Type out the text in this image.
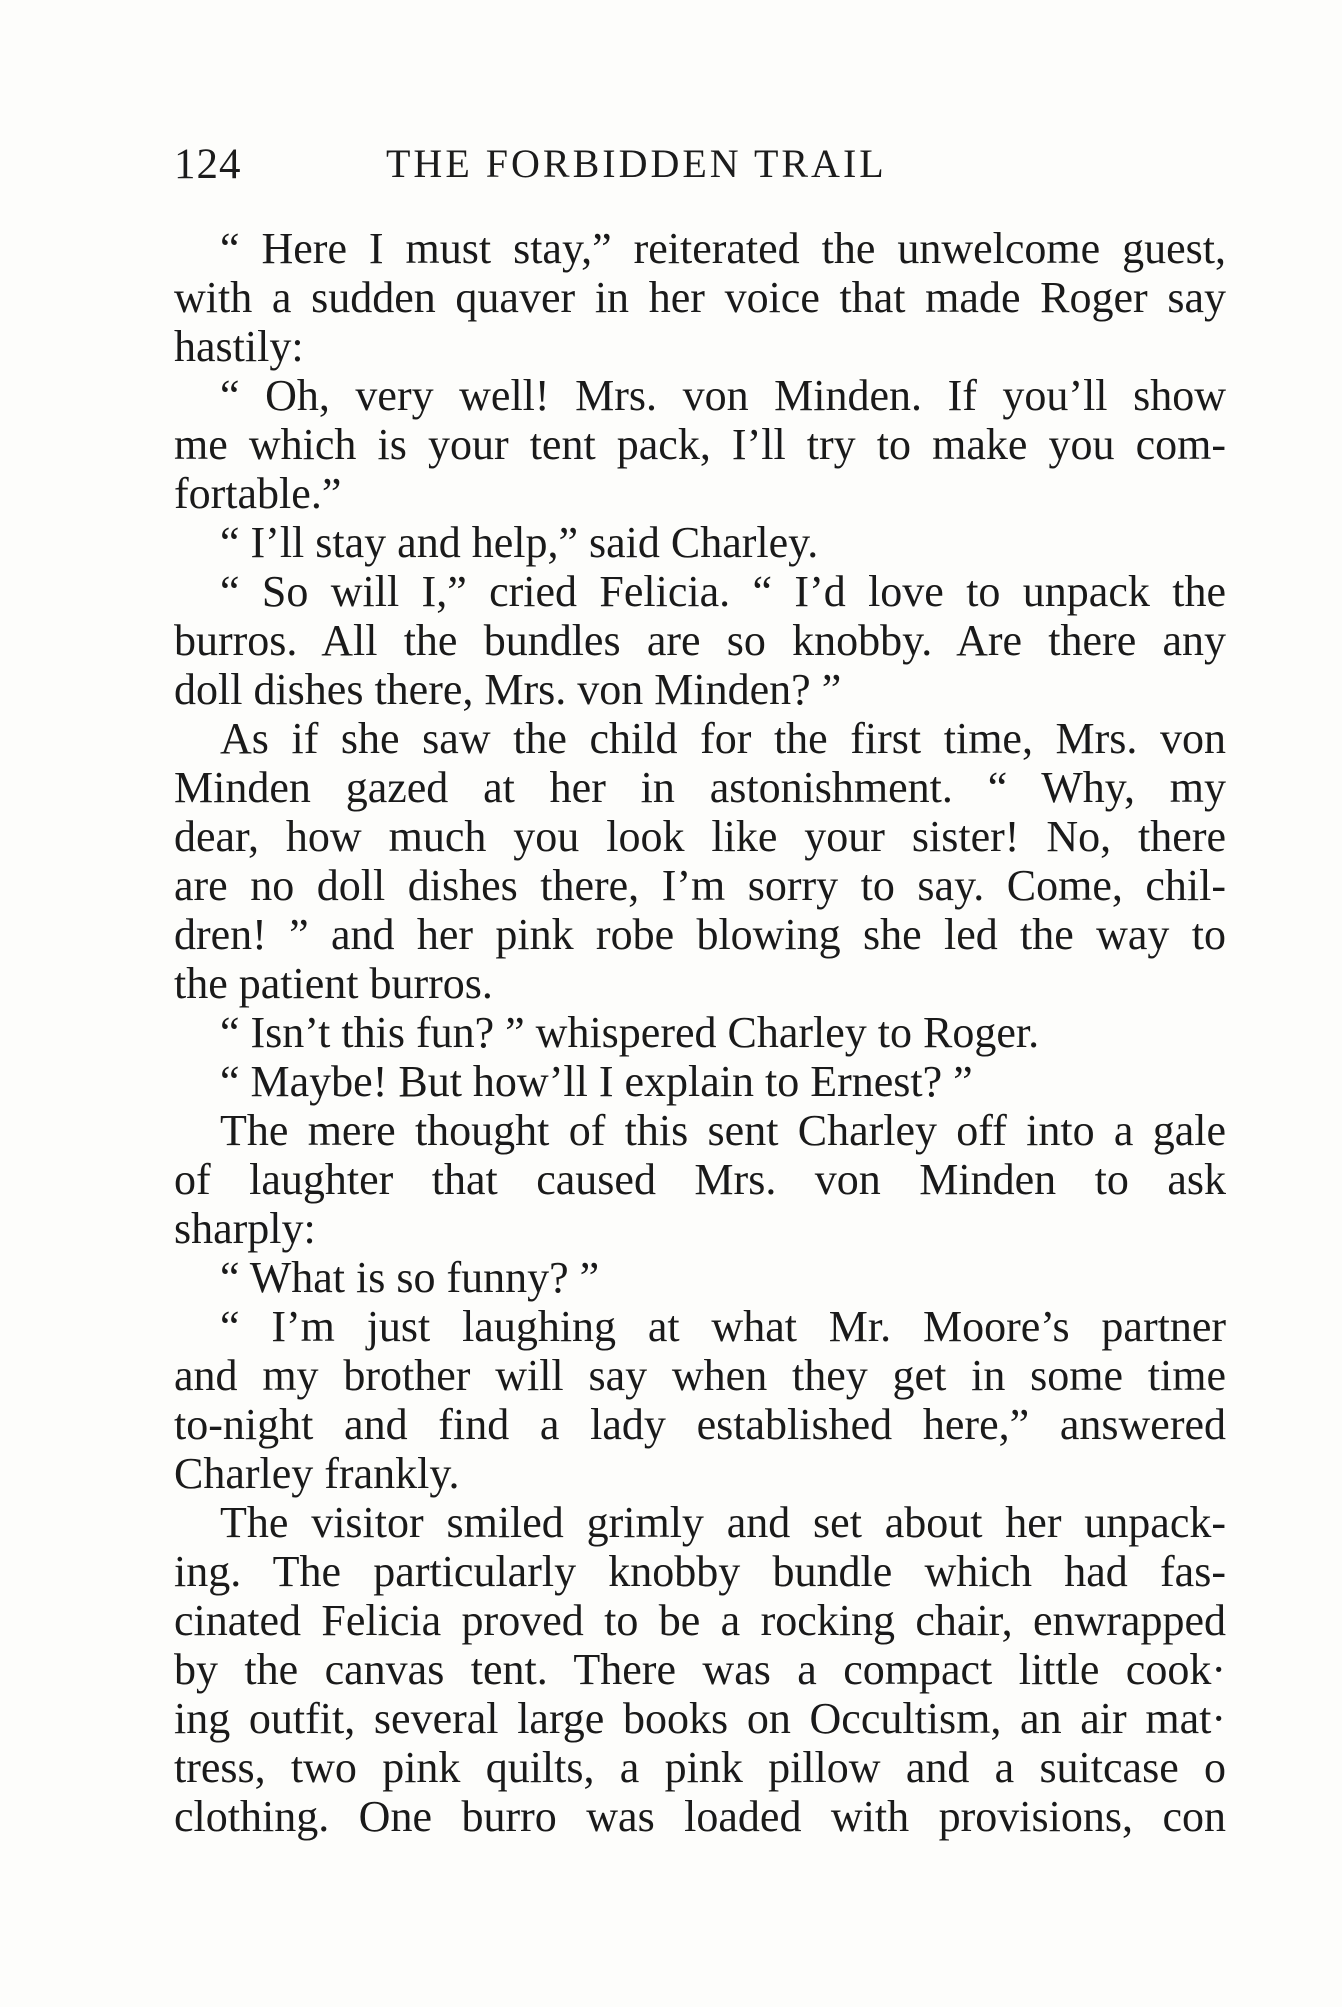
124	THE FORBIDDEN TRAIL
“ Here I must stay,” reiterated the unwelcome guest,
with a sudden quaver in her voice that made Roger say
hastily:
“ Oh, very well! Mrs. von Minden. If you’ll show
me which is your tent pack, I’ll try to make you com-
fortable.”
“ I’ll stay and help,” said Charley.
“ So will I,” cried Felicia. “ I’d love to unpack the
burros. All the bundles are so knobby. Are there any
doll dishes there, Mrs. von Minden? ”
As if she saw the child for the first time, Mrs. von
Minden gazed at her in astonishment. “ Why, my
dear, how much you look like your sister! No, there
are no doll dishes there, I’m sorry to say. Come, chil-
dren! ” and her pink robe blowing she led the way to
the patient burros.
“ Isn’t this fun? ” whispered Charley to Roger.
“ Maybe! But how’ll I explain to Ernest? ”
The mere thought of this sent Charley off into a gale
of laughter that caused Mrs. von Minden to ask
sharply:
“ What is so funny? ”
“ I’m just laughing at what Mr. Moore’s partner
and my brother will say when they get in some time
to-night and find a lady established here,” answered
Charley frankly.
The visitor smiled grimly and set about her unpack-
ing. The particularly knobby bundle which had fas-
cinated Felicia proved to be a rocking chair, enwrapped
by the canvas tent. There was a compact little cook·
ing outfit, several large books on Occultism, an air mat·
tress, two pink quilts, a pink pillow and a suitcase o
clothing. One burro was loaded with provisions, con
